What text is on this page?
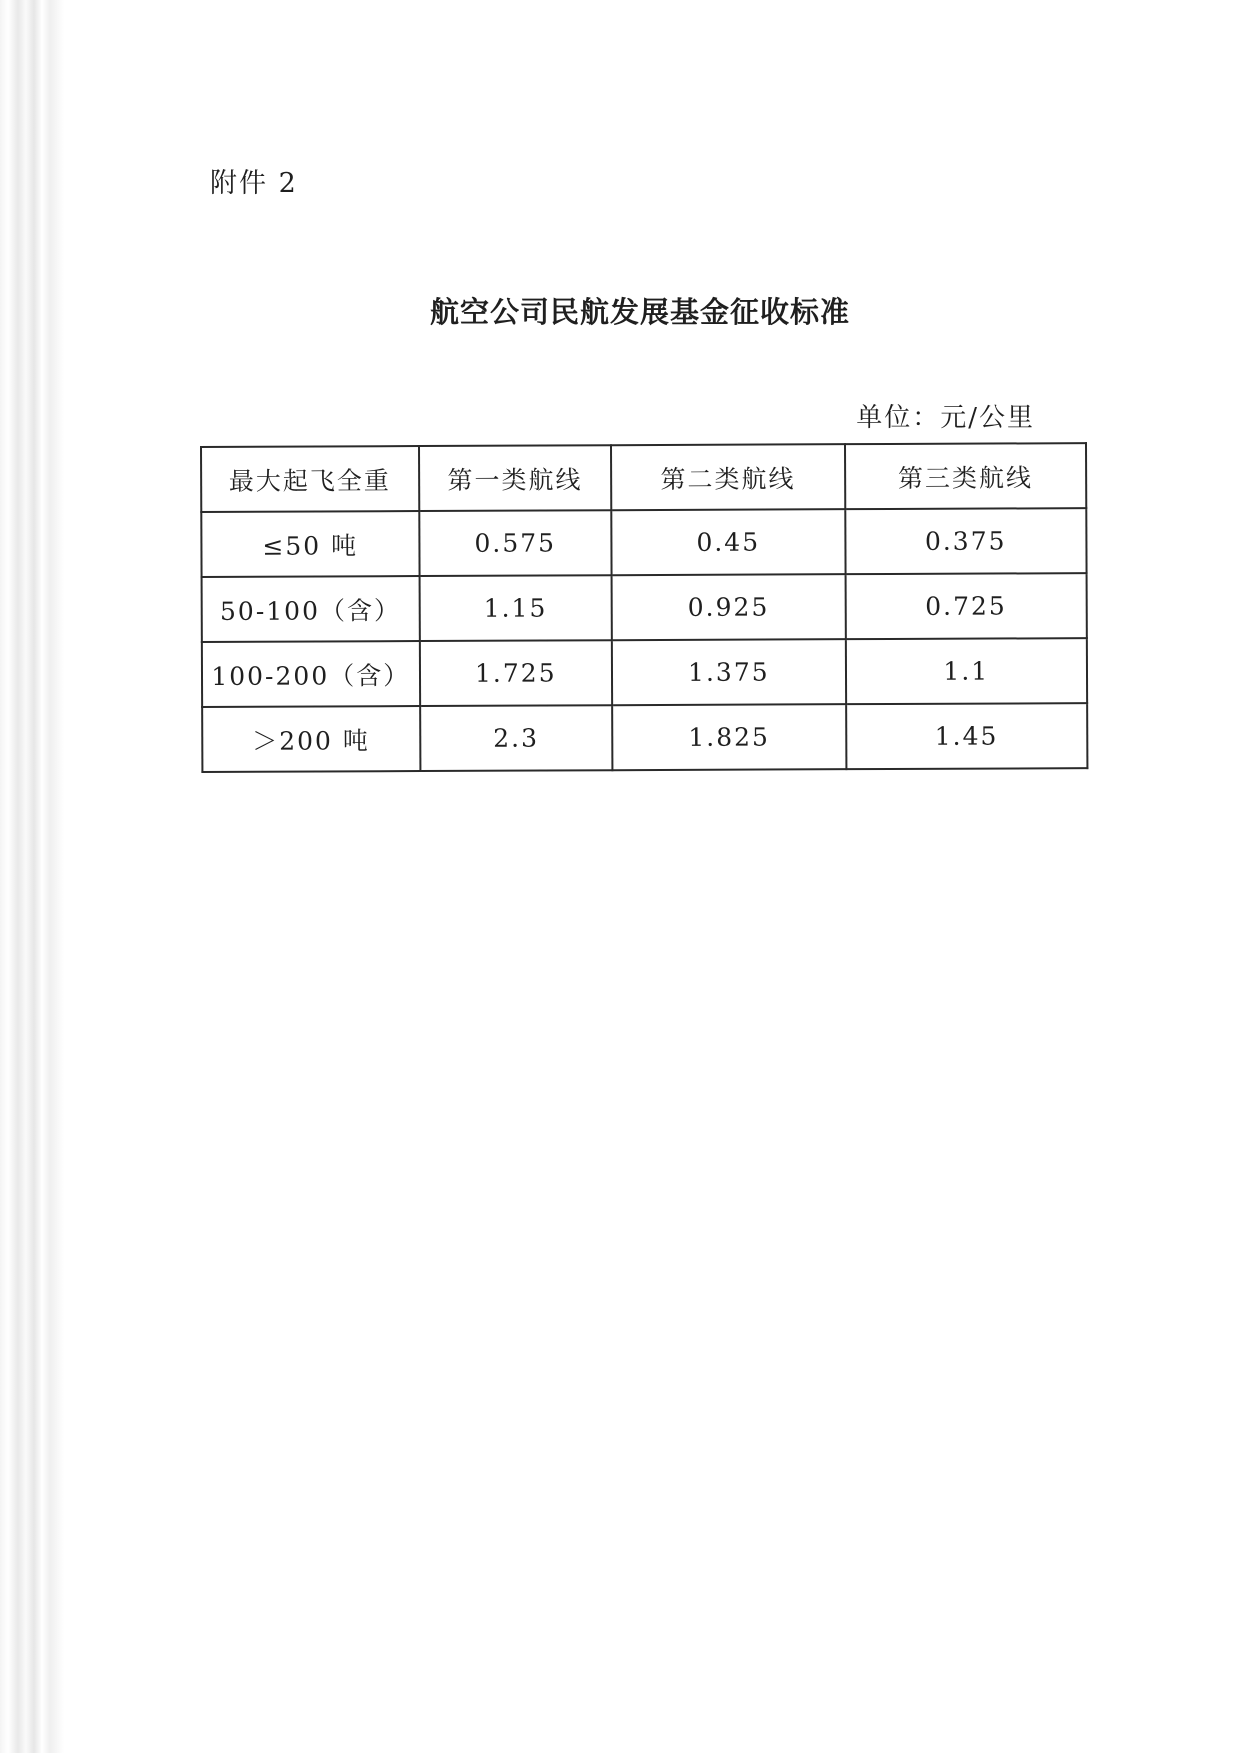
附件 2
航空公司民航发展基金征收标准
单位：元/公里
最大起飞全重	第一类航线	第二类航线	第三类航线
≤50 吨	0.575	0.45	0.375
50-100（含）	1.15	0.925	0.725
100-200（含）	1.725	1.375	1.1
＞200 吨	2.3	1.825	1.45
